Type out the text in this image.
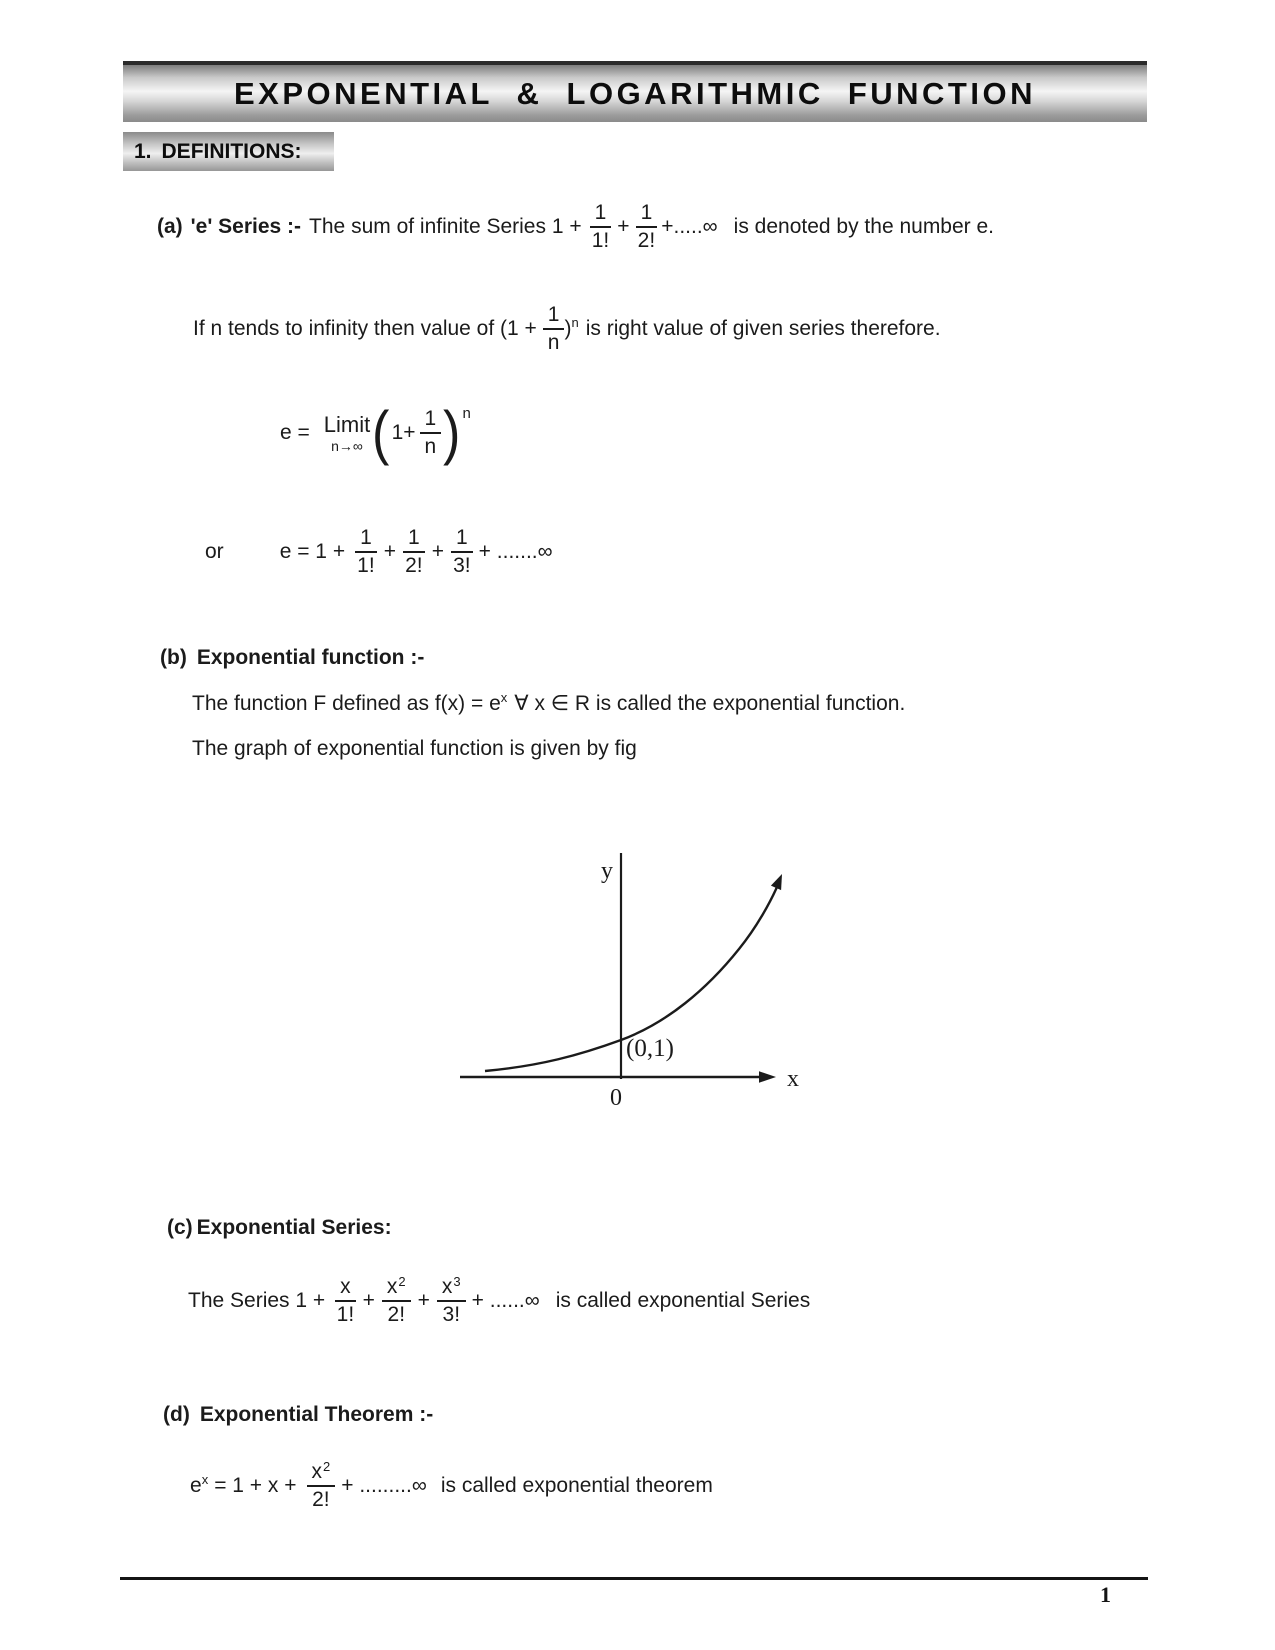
EXPONENTIAL & LOGARITHMIC FUNCTION
1. DEFINITIONS:
(a) 'e' Series :- The sum of infinite Series $1 + \frac{1}{1!} + \frac{1}{2!}$ +.....∞ is denoted by the number e.
If n tends to infinity then value of $(1 + \frac{1}{n} )^n$ is right value of given series therefore.
e = Limit
n→∞ ( $1+ \frac{1}{n}$ ) n
or	$e = 1 + \frac{1}{1!} + \frac{1}{2!} + \frac{1}{3!}$ + .......∞
(b) Exponential function :-
The function F defined as $f(x) = e^x$ ∀ x ∈ R is called the exponential function.
The graph of exponential function is given by fig
y
x
0
(0,1)
(c) Exponential Series:
The Series $1 + \frac{x}{1!} + \frac{x2}{2!} + \frac{x3}{3!}$ + ......∞ is called exponential Series
(d) Exponential Theorem :-
$e^x = 1 + x + \frac{x2}{2!}$ + .........∞ is called exponential theorem
1
